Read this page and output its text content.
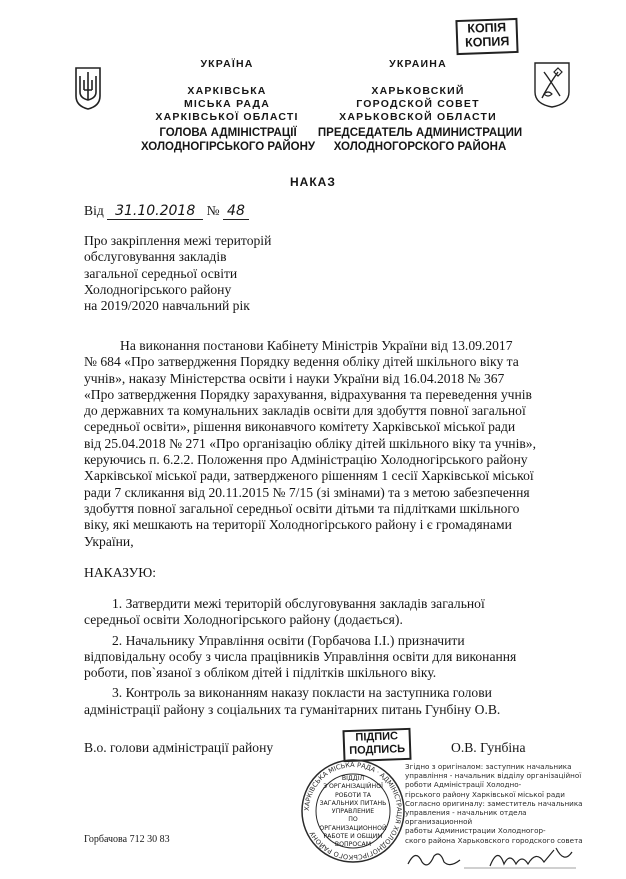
КОПІЯ
КОПИЯ
УКРАЇНА
ХАРКІВСЬКА
МІСЬКА РАДА
ХАРКІВСЬКОЇ ОБЛАСТІ
ГОЛОВА АДМІНІСТРАЦІЇ
ХОЛОДНОГІРСЬКОГО РАЙОНУ
УКРАИНА
ХАРЬКОВСКИЙ
ГОРОДСКОЙ СОВЕТ
ХАРЬКОВСКОЙ ОБЛАСТИ
ПРЕДСЕДАТЕЛЬ АДМИНИСТРАЦИИ
ХОЛОДНОГОРСКОГО РАЙОНА
НАКАЗ
Від 31.10.2018 № 48
Про закріплення межі територій
обслуговування закладів
загальної середньої освіти
Холодногірського району
на 2019/2020 навчальний рік
На виконання постанови Кабінету Міністрів України від 13.09.2017
№ 684 «Про затвердження Порядку ведення обліку дітей шкільного віку та
учнів», наказу Міністерства освіти і науки України від 16.04.2018 № 367
«Про затвердження Порядку зарахування, відрахування та переведення учнів
до державних та комунальних закладів освіти для здобуття повної загальної
середньої освіти», рішення виконавчого комітету Харківської міської ради
від 25.04.2018 № 271 «Про організацію обліку дітей шкільного віку та учнів»,
керуючись п. 6.2.2. Положення про Адміністрацію Холодногірського району
Харківської міської ради, затвердженого рішенням 1 сесії Харківської міської
ради 7 скликання від 20.11.2015 № 7/15 (зі змінами) та з метою забезпечення
здобуття повної загальної середньої освіти дітьми та підлітками шкільного
віку, які мешкають на території Холодногірського району і є громадянами
України,
НАКАЗУЮ:
1. Затвердити межі територій обслуговування закладів загальної
середньої освіти Холодногірського району (додається).
2. Начальнику Управління освіти (Горбачова І.І.) призначити
відповідальну особу з числа працівників Управління освіти для виконання
роботи, пов`язаної з обліком дітей і підлітків шкільного віку.
3. Контроль за виконанням наказу покласти на заступника голови
адміністрації району з соціальних та гуманітарних питань Гунбіну О.В.
В.о. голови адміністрації району
ПІДПИС
ПОДПИСЬ	О.В. Гунбіна
ХАРКІВСЬКА МІСЬКА РАДА · АДМІНІСТРАЦІЯ ХОЛОДНОГІРСЬКОГО РАЙОНУ
ВІДДІЛ
З ОРГАНІЗАЦІЙНОЇ
РОБОТИ ТА
ЗАГАЛЬНИХ ПИТАНЬ
УПРАВЛЕНИЕ
ПО ОРГАНИЗАЦИОННОЙ
РАБОТЕ И ОБЩИМ
ВОПРОСАМ
Згідно з оригіналом: заступник начальника
управління - начальник відділу організаційної
роботи Адміністрації Холодно-
гірського району Харківської міської ради
Согласно оригиналу: заместитель начальника
управления - начальник отдела организационной
работы Администрации Холодногор-
ского района Харьковского городского совета
Горбачова 712 30 83
